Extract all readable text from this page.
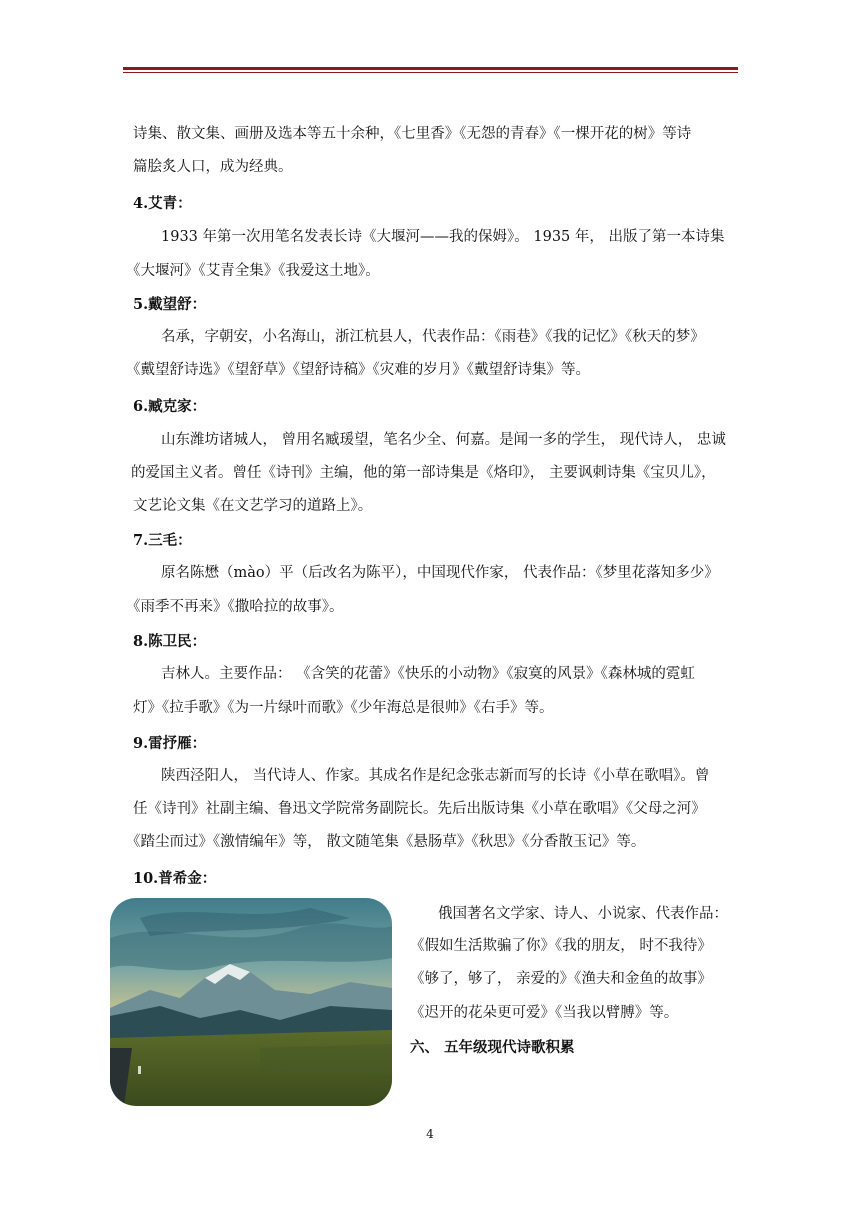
诗集、散文集、画册及选本等五十余种，《七里香》《无怨的青春》《一棵开花的树》等诗
篇脍炙人口，成为经典。
4.艾青：
1933 年第一次用笔名发表长诗《大堰河——我的保姆》。 1935 年， 出版了第一本诗集
《大堰河》《艾青全集》《我爱这土地》。
5.戴望舒：
名承，字朝安，小名海山，浙江杭县人，代表作品：《雨巷》《我的记忆》《秋天的梦》
《戴望舒诗选》《望舒草》《望舒诗稿》《灾难的岁月》《戴望舒诗集》等。
6.臧克家：
山东潍坊诸城人， 曾用名臧瑗望，笔名少全、何嘉。是闻一多的学生， 现代诗人， 忠诚
的爱国主义者。曾任《诗刊》主编，他的第一部诗集是《烙印》， 主要讽刺诗集《宝贝儿》，
文艺论文集《在文艺学习的道路上》。
7.三毛：
原名陈懋（mào）平（后改名为陈平），中国现代作家， 代表作品：《梦里花落知多少》
《雨季不再来》《撒哈拉的故事》。
8.陈卫民：
吉林人。主要作品： 《含笑的花蕾》《快乐的小动物》《寂寞的风景》《森林城的霓虹
灯》《拉手歌》《为一片绿叶而歌》《少年海总是很帅》《右手》等。
9.雷抒雁：
陕西泾阳人， 当代诗人、作家。其成名作是纪念张志新而写的长诗《小草在歌唱》。曾
任《诗刊》社副主编、鲁迅文学院常务副院长。先后出版诗集《小草在歌唱》《父母之河》
《踏尘而过》《激情编年》等， 散文随笔集《悬肠草》《秋思》《分香散玉记》等。
10.普希金：
俄国著名文学家、诗人、小说家、代表作品：
《假如生活欺骗了你》《我的朋友， 时不我待》
《够了，够了， 亲爱的》《渔夫和金鱼的故事》
《迟开的花朵更可爱》《当我以臂膊》等。
六、 五年级现代诗歌积累
4
